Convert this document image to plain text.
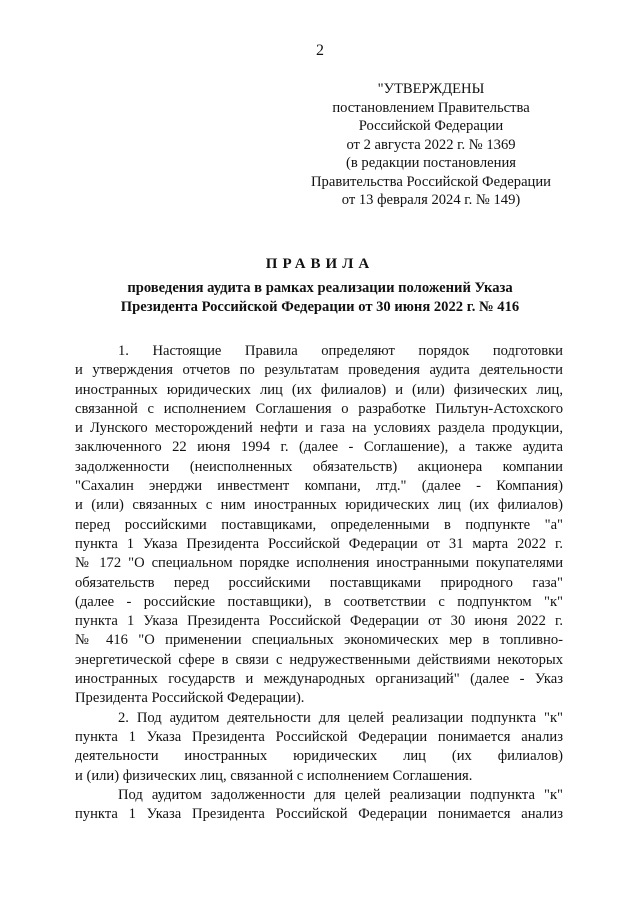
2
"УТВЕРЖДЕНЫ
постановлением Правительства
Российской Федерации
от 2 августа 2022 г. № 1369
(в редакции постановления
Правительства Российской Федерации
от 13 февраля 2024 г. № 149)
ПРАВИЛА
проведения аудита в рамках реализации положений Указа
Президента Российской Федерации от 30 июня 2022 г. № 416
1. Настоящие Правила определяют порядок подготовки
и утверждения отчетов по результатам проведения аудита деятельности
иностранных юридических лиц (их филиалов) и (или) физических лиц,
связанной с исполнением Соглашения о разработке Пильтун-Астохского
и Лунского месторождений нефти и газа на условиях раздела продукции,
заключенного 22 июня 1994 г. (далее - Соглашение), а также аудита
задолженности (неисполненных обязательств) акционера компании
"Сахалин энерджи инвестмент компани, лтд." (далее - Компания)
и (или) связанных с ним иностранных юридических лиц (их филиалов)
перед российскими поставщиками, определенными в подпункте "а"
пункта 1 Указа Президента Российской Федерации от 31 марта 2022 г.
№ 172 "О специальном порядке исполнения иностранными покупателями
обязательств перед российскими поставщиками природного газа"
(далее - российские поставщики), в соответствии с подпунктом "к"
пункта 1 Указа Президента Российской Федерации от 30 июня 2022 г.
№ 416 "О применении специальных экономических мер в топливно-
энергетической сфере в связи с недружественными действиями некоторых
иностранных государств и международных организаций" (далее - Указ
Президента Российской Федерации).
2. Под аудитом деятельности для целей реализации подпункта "к"
пункта 1 Указа Президента Российской Федерации понимается анализ
деятельности иностранных юридических лиц (их филиалов)
и (или) физических лиц, связанной с исполнением Соглашения.
Под аудитом задолженности для целей реализации подпункта "к"
пункта 1 Указа Президента Российской Федерации понимается анализ
